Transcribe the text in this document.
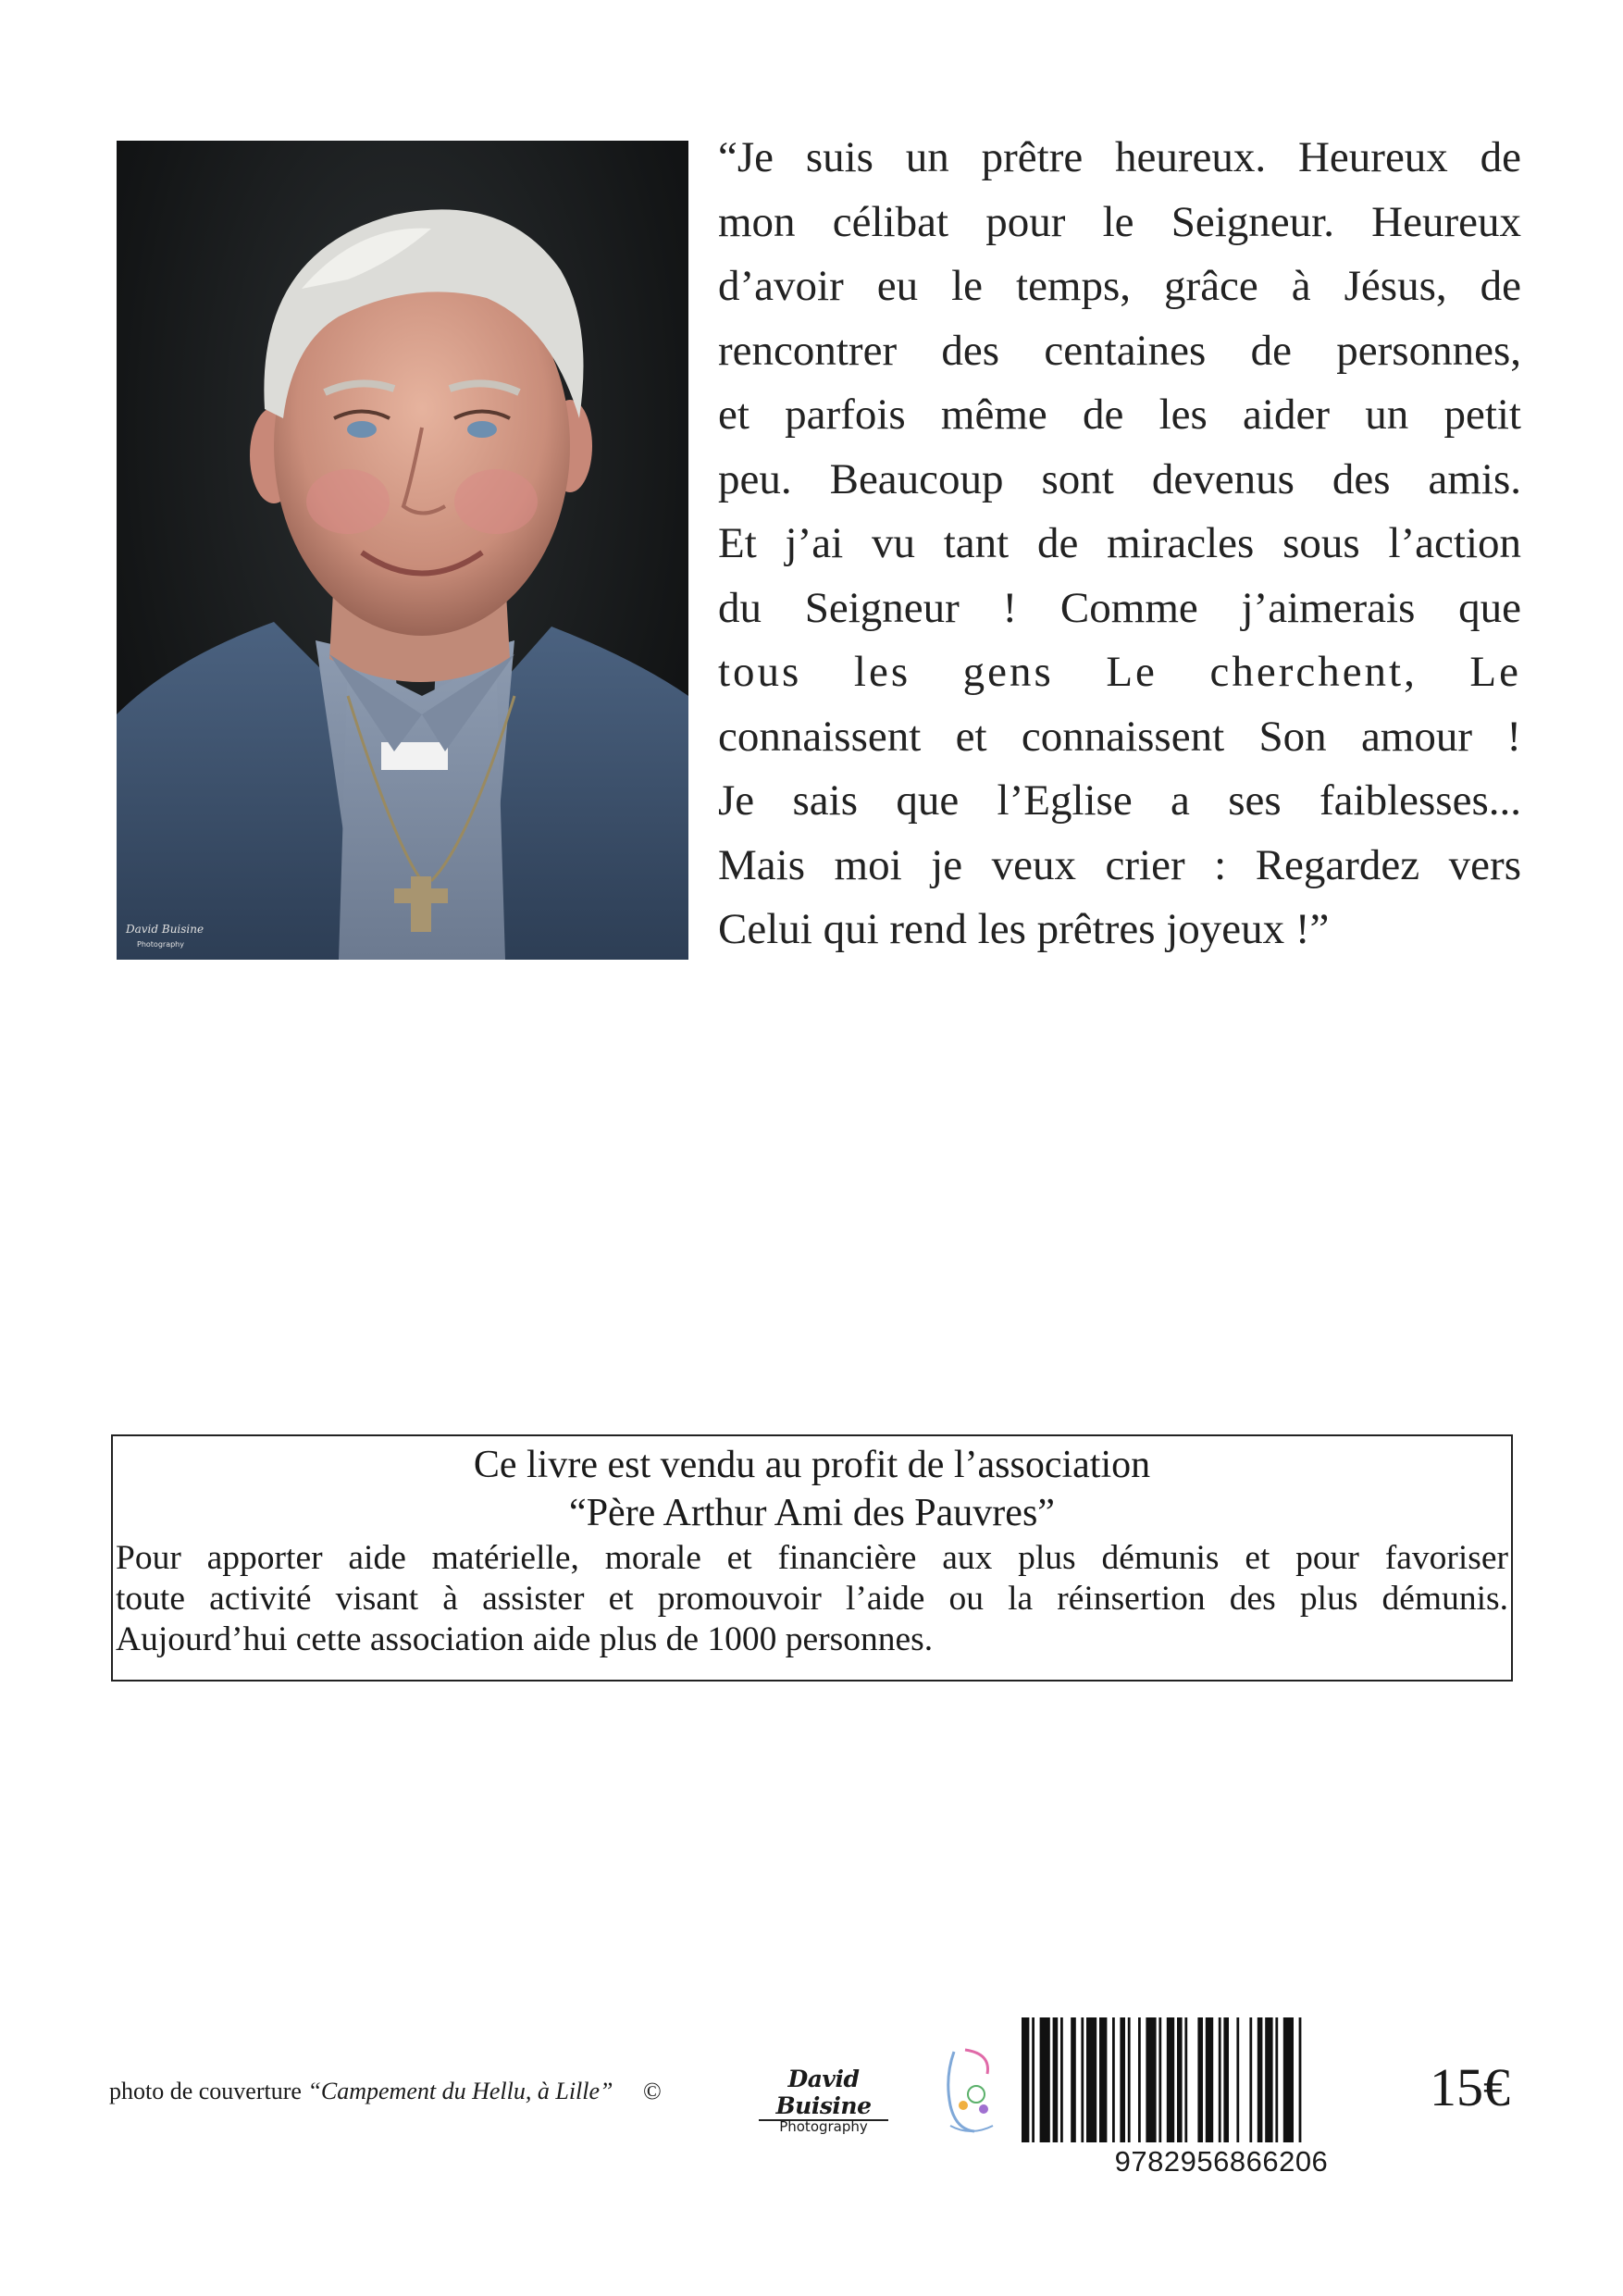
David Buisine
Photography
“Je suis un prêtre heureux. Heureux de
mon célibat pour le Seigneur. Heureux
d’avoir eu le temps, grâce à Jésus, de
rencontrer des centaines de personnes,
et parfois même de les aider un petit
peu. Beaucoup sont devenus des amis.
Et j’ai vu tant de miracles sous l’action
du Seigneur ! Comme j’aimerais que
tous les gens Le cherchent, Le
connaissent et connaissent Son amour !
Je sais que l’Eglise a ses faiblesses...
Mais moi je veux crier : Regardez vers
Celui qui rend les prêtres joyeux !”
Ce livre est vendu au profit de l’association
“Père Arthur Ami des Pauvres”
Pour apporter aide matérielle, morale et financière aux plus démunis et pour favoriser
toute activité visant à assister et promouvoir l’aide ou la réinsertion des plus démunis.
Aujourd’hui cette association aide plus de 1000 personnes.
photo de couverture “Campement du Hellu, à Lille” ©	David Buisine
Photography
9782956866206
15€
